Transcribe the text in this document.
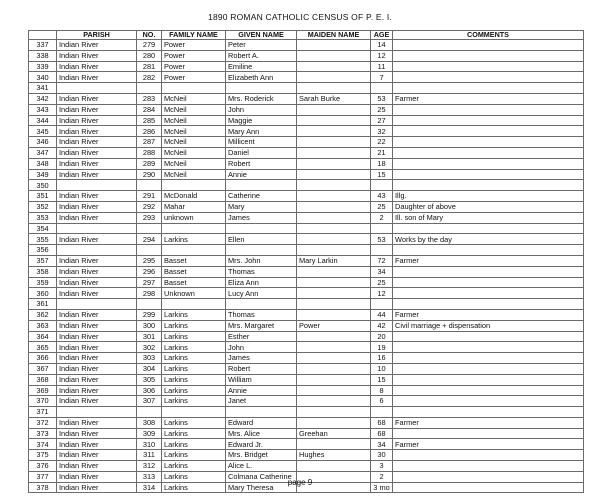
1890 ROMAN CATHOLIC CENSUS OF P. E. I.
	PARISH	NO.	FAMILY NAME	GIVEN NAME	MAIDEN NAME	AGE	COMMENTS
337	Indian River	279	Power	Peter		14	
338	Indian River	280	Power	Robert A.		12	
339	Indian River	281	Power	Emiline		11	
340	Indian River	282	Power	Elizabeth Ann		7	
341							
342	Indian River	283	McNeil	Mrs. Roderick	Sarah Burke	53	Farmer
343	Indian River	284	McNeil	John		25	
344	Indian River	285	McNeil	Maggie		27	
345	Indian River	286	McNeil	Mary Ann		32	
346	Indian River	287	McNeil	Millicent		22	
347	Indian River	288	McNeil	Daniel		21	
348	Indian River	289	McNeil	Robert		18	
349	Indian River	290	McNeil	Annie		15	
350							
351	Indian River	291	McDonald	Catherine		43	Illg.
352	Indian River	292	Mahar	Mary		25	Daughter of above
353	Indian River	293	unknown	James		2	Ill. son of Mary
354							
355	Indian River	294	Larkins	Ellen		53	Works by the day
356							
357	Indian River	295	Basset	Mrs. John	Mary Larkin	72	Farmer
358	Indian River	296	Basset	Thomas		34	
359	Indian River	297	Basset	Eliza Ann		25	
360	Indian River	298	Unknown	Lucy Ann		12	
361							
362	Indian River	299	Larkins	Thomas		44	Farmer
363	Indian River	300	Larkins	Mrs. Margaret	Power	42	Civil marriage + dispensation
364	Indian River	301	Larkins	Esther		20	
365	Indian River	302	Larkins	John		19	
366	Indian River	303	Larkins	James		16	
367	Indian River	304	Larkins	Robert		10	
368	Indian River	305	Larkins	William		15	
369	Indian River	306	Larkins	Annie		8	
370	Indian River	307	Larkins	Janet		6	
371							
372	Indian River	308	Larkins	Edward		68	Farmer
373	Indian River	309	Larkins	Mrs. Alice	Greehan	68	
374	Indian River	310	Larkins	Edward Jr.		34	Farmer
375	Indian River	311	Larkins	Mrs. Bridget	Hughes	30	
376	Indian River	312	Larkins	Alice L.		3	
377	Indian River	313	Larkins	Colmana Catherine		2	
378	Indian River	314	Larkins	Mary Theresa		3 mo	
page 9
